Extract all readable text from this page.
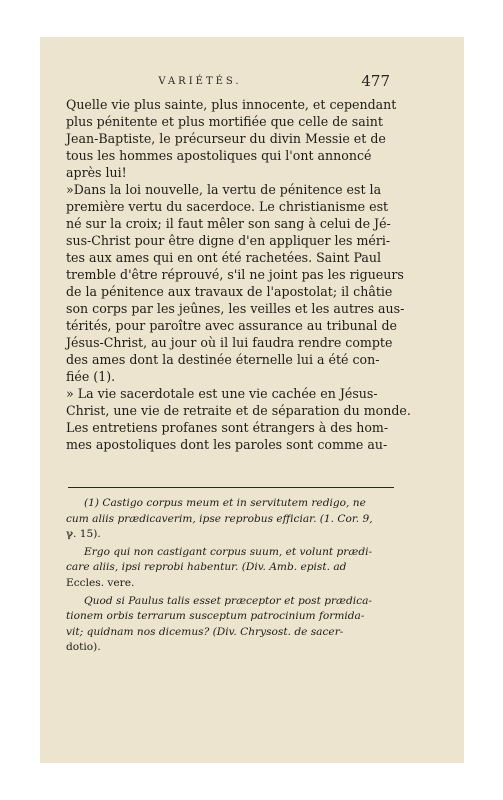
VARIÉTÉS.	477
Quelle vie plus sainte, plus innocente, et cependant
plus pénitente et plus mortifiée que celle de saint
Jean-Baptiste, le précurseur du divin Messie et de
tous les hommes apostoliques qui l'ont annoncé
après lui!
»Dans la loi nouvelle, la vertu de pénitence est la
première vertu du sacerdoce. Le christianisme est
né sur la croix; il faut mêler son sang à celui de Jé-
sus-Christ pour être digne d'en appliquer les méri-
tes aux ames qui en ont été rachetées. Saint Paul
tremble d'être réprouvé, s'il ne joint pas les rigueurs
de la pénitence aux travaux de l'apostolat; il châtie
son corps par les jeûnes, les veilles et les autres aus-
térités, pour paroître avec assurance au tribunal de
Jésus-Christ, au jour où il lui faudra rendre compte
des ames dont la destinée éternelle lui a été con-
fiée (1).
» La vie sacerdotale est une vie cachée en Jésus-
Christ, une vie de retraite et de séparation du monde.
Les entretiens profanes sont étrangers à des hom-
mes apostoliques dont les paroles sont comme au-
(1) Castigo corpus meum et in servitutem redigo, ne
cum aliis prædicaverim, ipse reprobus efficiar. (1. Cor. 9,
ℽ. 15).
Ergo qui non castigant corpus suum, et volunt prædi-
care aliis, ipsi reprobi habentur. (Div. Amb. epist. ad
Eccles. vere.
Quod si Paulus talis esset præceptor et post prædica-
tionem orbis terrarum susceptum patrocinium formida-
vit; quidnam nos dicemus? (Div. Chrysost. de sacer-
dotio).
